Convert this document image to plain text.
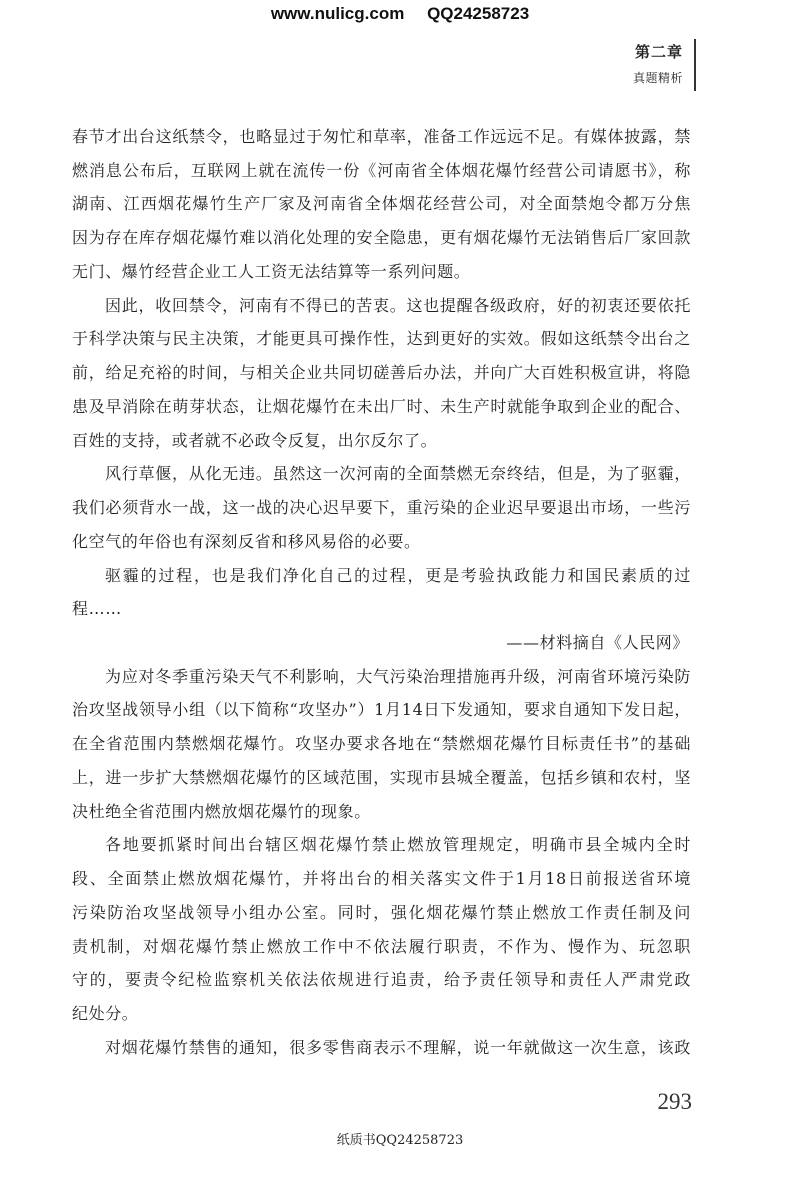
www.nulicg.com QQ24258723
第二章
真题精析
春节才出台这纸禁令，也略显过于匆忙和草率，准备工作远远不足。有媒体披露，禁
燃消息公布后，互联网上就在流传一份《河南省全体烟花爆竹经营公司请愿书》，称
湖南、江西烟花爆竹生产厂家及河南省全体烟花经营公司，对全面禁炮令都万分焦
因为存在库存烟花爆竹难以消化处理的安全隐患，更有烟花爆竹无法销售后厂家回款
无门、爆竹经营企业工人工资无法结算等一系列问题。
因此，收回禁令，河南有不得已的苦衷。这也提醒各级政府，好的初衷还要依托
于科学决策与民主决策，才能更具可操作性，达到更好的实效。假如这纸禁令出台之
前，给足充裕的时间，与相关企业共同切磋善后办法，并向广大百姓积极宣讲，将隐
患及早消除在萌芽状态，让烟花爆竹在未出厂时、未生产时就能争取到企业的配合、
百姓的支持，或者就不必政令反复，出尔反尔了。
风行草偃，从化无违。虽然这一次河南的全面禁燃无奈终结，但是，为了驱霾，
我们必须背水一战，这一战的决心迟早要下，重污染的企业迟早要退出市场，一些污
化空气的年俗也有深刻反省和移风易俗的必要。
驱霾的过程，也是我们净化自己的过程，更是考验执政能力和国民素质的过
程……
——材料摘自《人民网》
为应对冬季重污染天气不利影响，大气污染治理措施再升级，河南省环境污染防
治攻坚战领导小组（以下简称“攻坚办”）1月14日下发通知，要求自通知下发日起，
在全省范围内禁燃烟花爆竹。攻坚办要求各地在“禁燃烟花爆竹目标责任书”的基础
上，进一步扩大禁燃烟花爆竹的区域范围，实现市县城全覆盖，包括乡镇和农村，坚
决杜绝全省范围内燃放烟花爆竹的现象。
各地要抓紧时间出台辖区烟花爆竹禁止燃放管理规定，明确市县全城内全时
段、全面禁止燃放烟花爆竹，并将出台的相关落实文件于1月18日前报送省环境
污染防治攻坚战领导小组办公室。同时，强化烟花爆竹禁止燃放工作责任制及问
责机制，对烟花爆竹禁止燃放工作中不依法履行职责，不作为、慢作为、玩忽职
守的，要责令纪检监察机关依法依规进行追责，给予责任领导和责任人严肃党政
纪处分。
对烟花爆竹禁售的通知，很多零售商表示不理解，说一年就做这一次生意，该政
293
纸质书QQ24258723
